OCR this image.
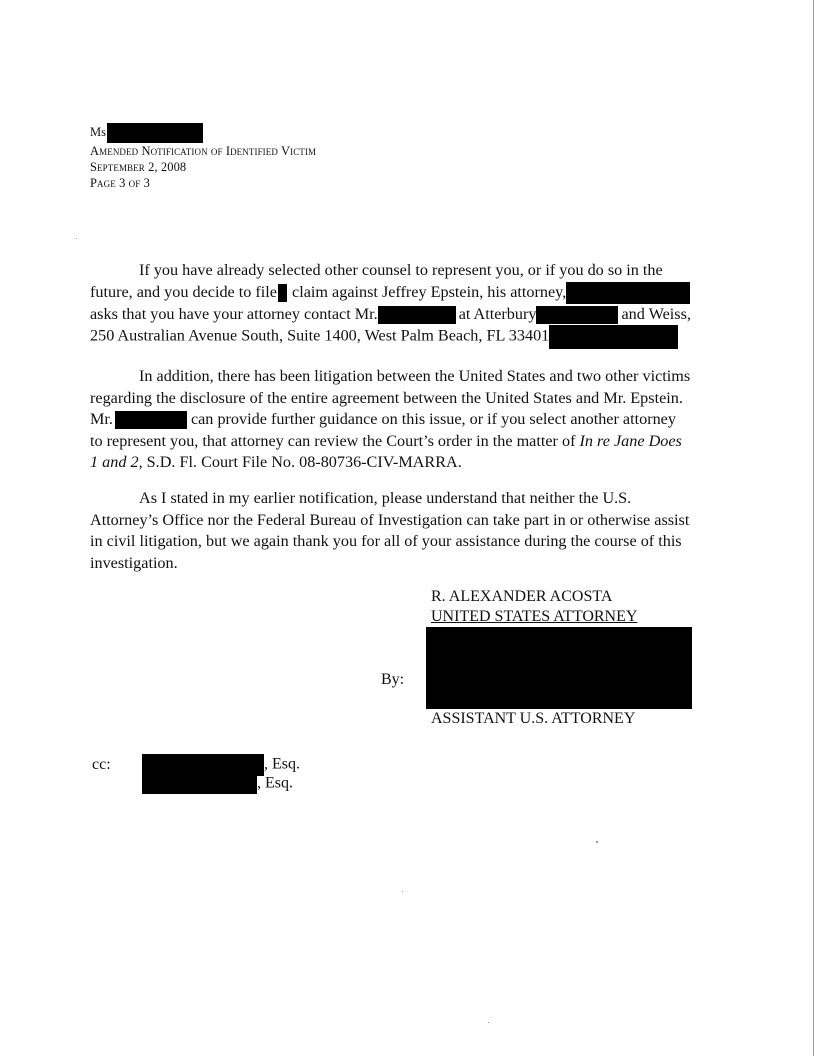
Ms
Amended Notification of Identified Victim
September 2, 2008
Page 3 of 3
If you have already selected other counsel to represent you, or if you do so in the
future, and you decide to file claim against Jeffrey Epstein, his attorney,
asks that you have your attorney contact Mr.	at Atterbury	and Weiss,
250 Australian Avenue South, Suite 1400, West Palm Beach, FL 33401
In addition, there has been litigation between the United States and two other victims
regarding the disclosure of the entire agreement between the United States and Mr. Epstein.
Mr.	can provide further guidance on this issue, or if you select another attorney
to represent you, that attorney can review the Court’s order in the matter of In re Jane Does
1 and 2, S.D. Fl. Court File No. 08-80736-CIV-MARRA.
As I stated in my earlier notification, please understand that neither the U.S.
Attorney’s Office nor the Federal Bureau of Investigation can take part in or otherwise assist
in civil litigation, but we again thank you for all of your assistance during the course of this
investigation.
R. ALEXANDER ACOSTA
UNITED STATES ATTORNEY
By:
ASSISTANT U.S. ATTORNEY
cc:	, Esq.
, Esq.
